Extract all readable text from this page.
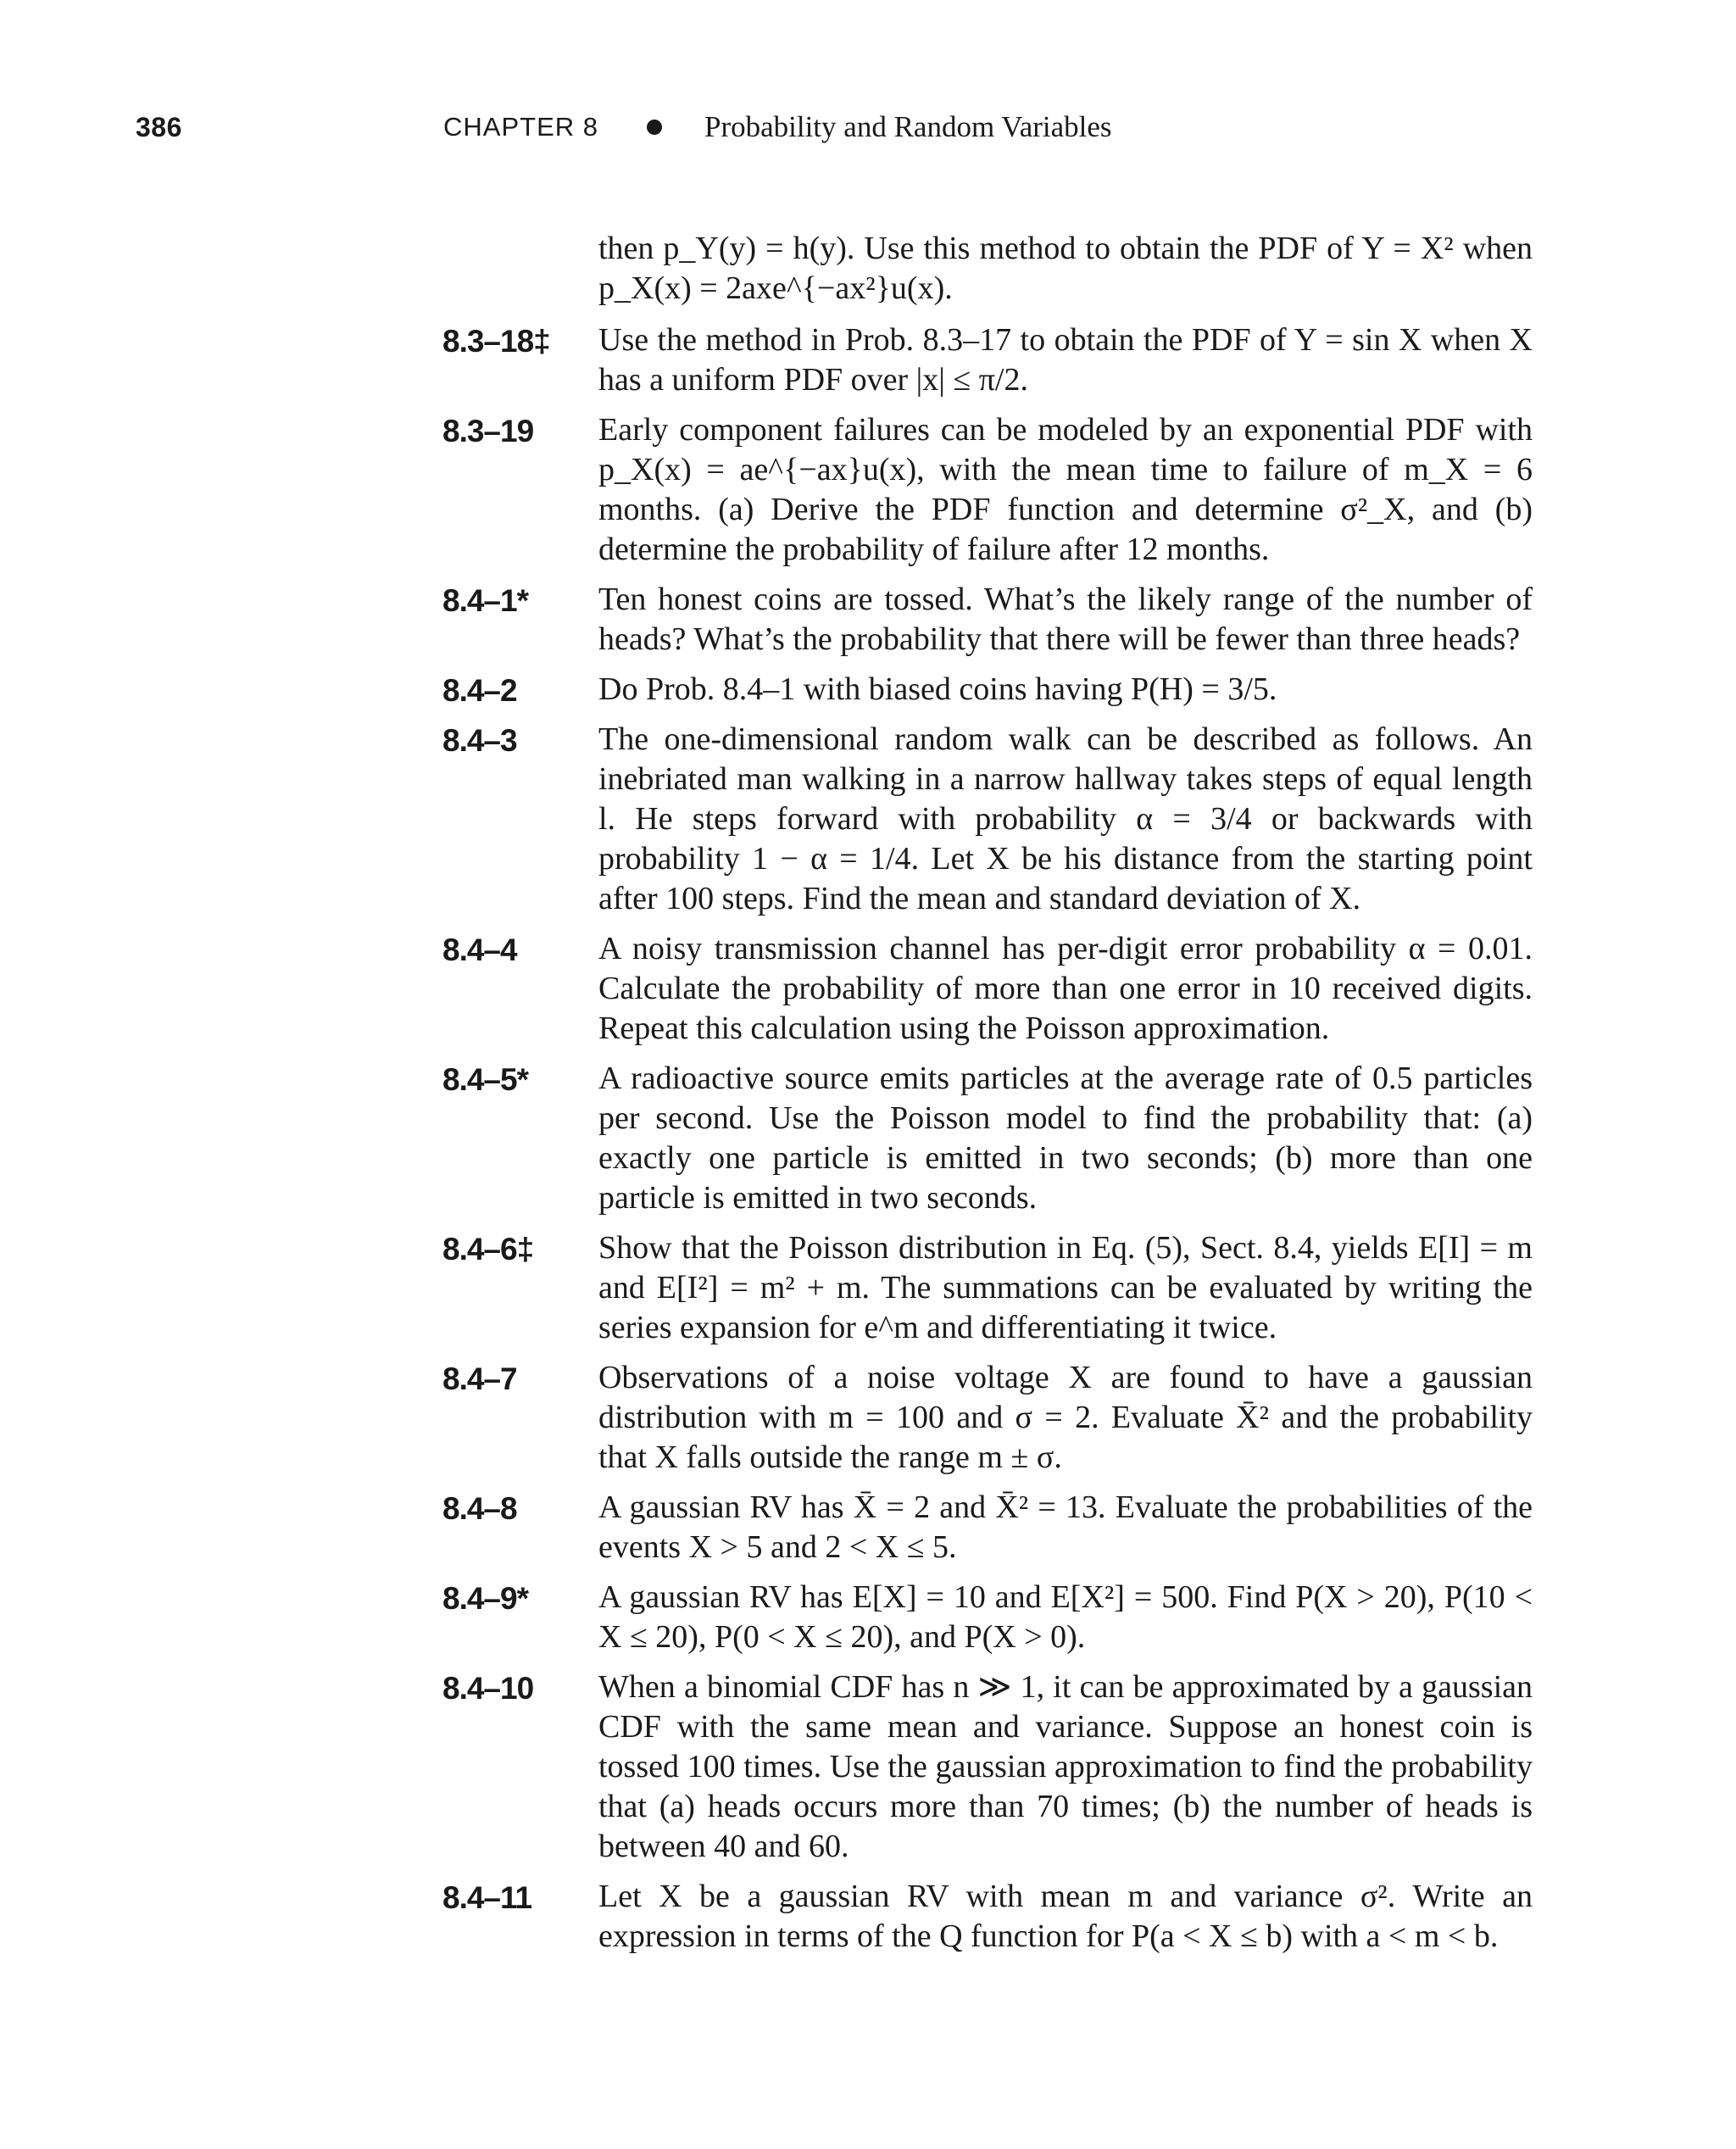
386	CHAPTER 8	Probability and Random Variables
then p_Y(y) = h(y). Use this method to obtain the PDF of Y = X² when p_X(x) = 2axe^{−ax²}u(x).
8.3–18‡	Use the method in Prob. 8.3–17 to obtain the PDF of Y = sin X when X has a uniform PDF over |x| ≤ π/2.
8.3–19	Early component failures can be modeled by an exponential PDF with p_X(x) = ae^{−ax}u(x), with the mean time to failure of m_X = 6 months. (a) Derive the PDF function and determine σ²_X, and (b) determine the probability of failure after 12 months.
8.4–1*	Ten honest coins are tossed. What’s the likely range of the number of heads? What’s the probability that there will be fewer than three heads?
8.4–2	Do Prob. 8.4–1 with biased coins having P(H) = 3/5.
8.4–3	The one-dimensional random walk can be described as follows. An inebriated man walking in a narrow hallway takes steps of equal length l. He steps forward with probability α = 3/4 or backwards with probability 1 − α = 1/4. Let X be his distance from the starting point after 100 steps. Find the mean and standard deviation of X.
8.4–4	A noisy transmission channel has per-digit error probability α = 0.01. Calculate the probability of more than one error in 10 received digits. Repeat this calculation using the Poisson approximation.
8.4–5*	A radioactive source emits particles at the average rate of 0.5 particles per second. Use the Poisson model to find the probability that: (a) exactly one particle is emitted in two seconds; (b) more than one particle is emitted in two seconds.
8.4–6‡	Show that the Poisson distribution in Eq. (5), Sect. 8.4, yields E[I] = m and E[I²] = m² + m. The summations can be evaluated by writing the series expansion for e^m and differentiating it twice.
8.4–7	Observations of a noise voltage X are found to have a gaussian distribution with m = 100 and σ = 2. Evaluate X̄² and the probability that X falls outside the range m ± σ.
8.4–8	A gaussian RV has X̄ = 2 and X̄² = 13. Evaluate the probabilities of the events X > 5 and 2 < X ≤ 5.
8.4–9*	A gaussian RV has E[X] = 10 and E[X²] = 500. Find P(X > 20), P(10 < X ≤ 20), P(0 < X ≤ 20), and P(X > 0).
8.4–10	When a binomial CDF has n ≫ 1, it can be approximated by a gaussian CDF with the same mean and variance. Suppose an honest coin is tossed 100 times. Use the gaussian approximation to find the probability that (a) heads occurs more than 70 times; (b) the number of heads is between 40 and 60.
8.4–11	Let X be a gaussian RV with mean m and variance σ². Write an expression in terms of the Q function for P(a < X ≤ b) with a < m < b.
